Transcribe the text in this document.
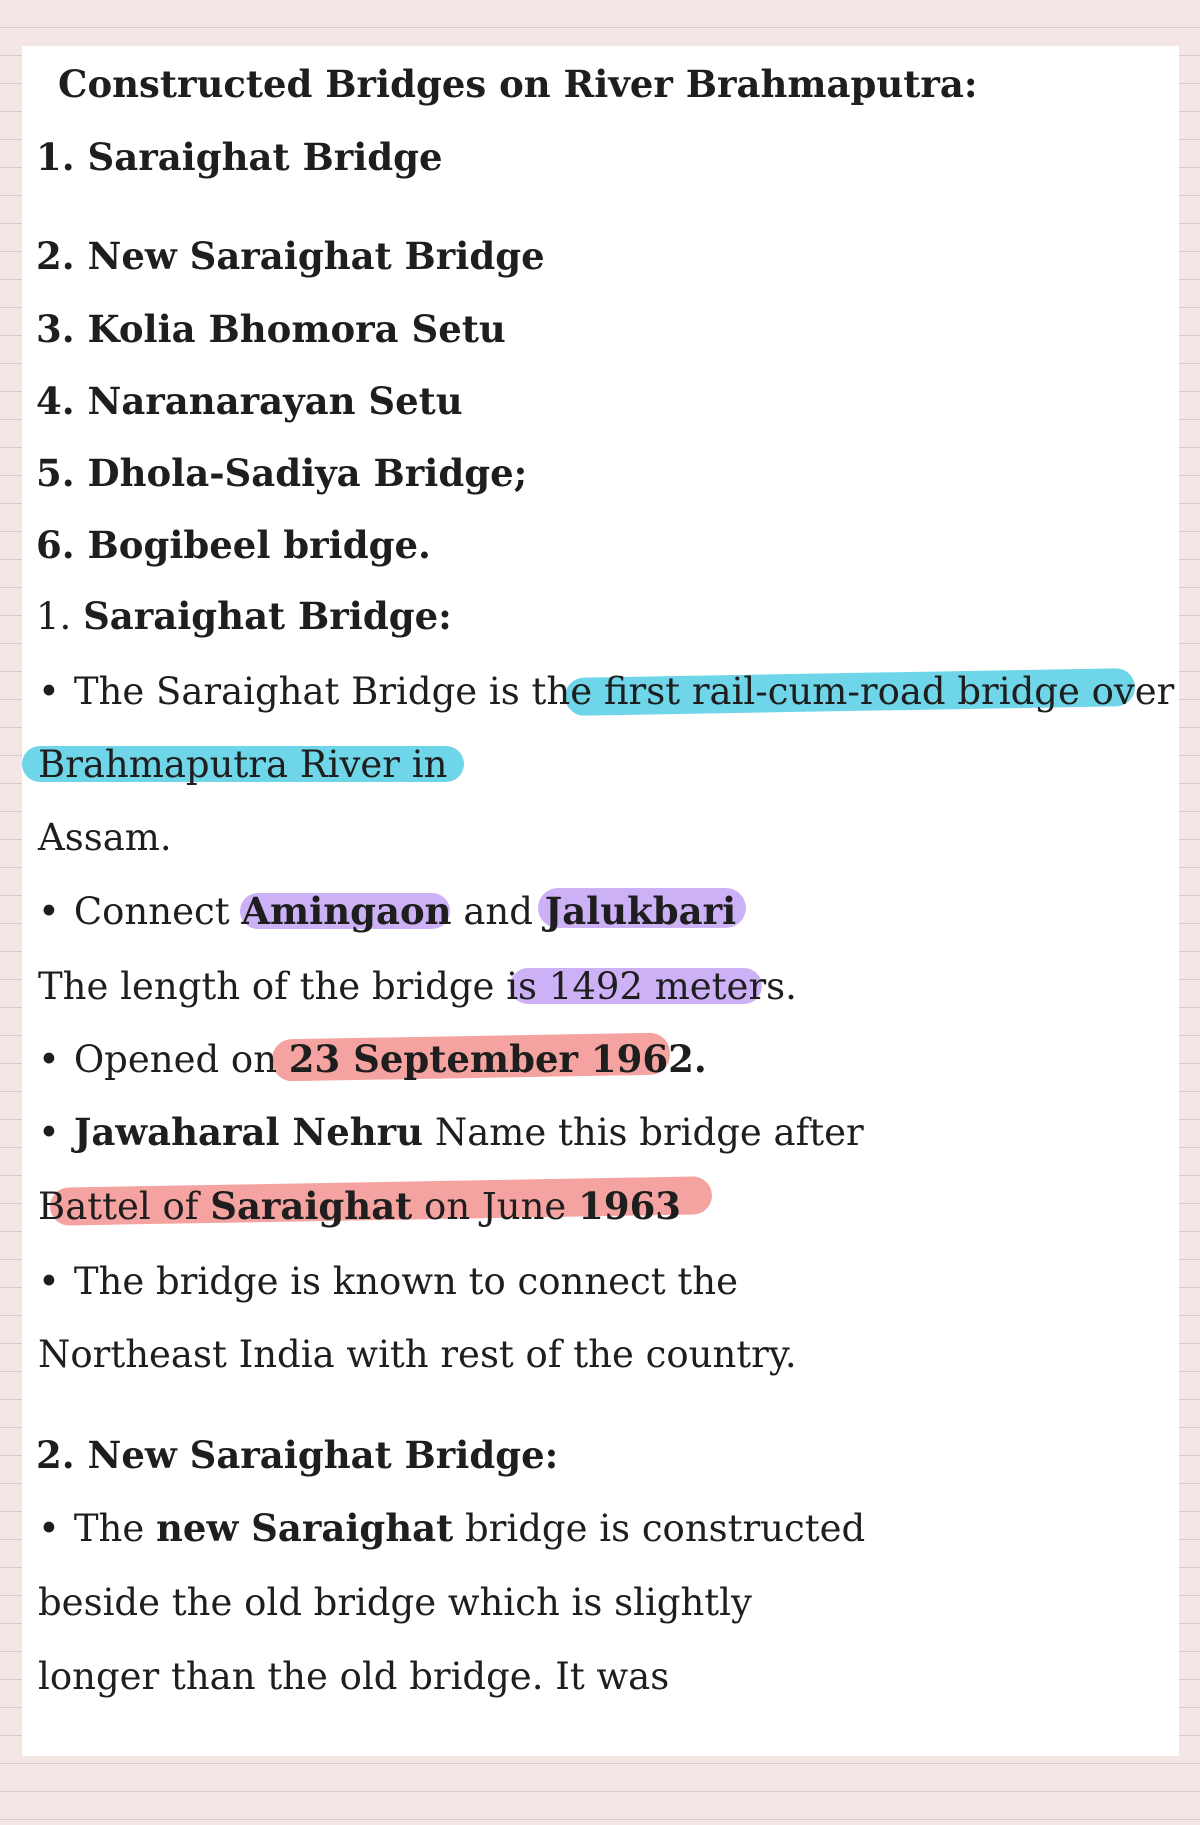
Constructed Bridges on River Brahmaputra:
1. Saraighat Bridge
2. New Saraighat Bridge
3. Kolia Bhomora Setu
4. Naranarayan Setu
5. Dhola-Sadiya Bridge;
6. Bogibeel bridge.
1. Saraighat Bridge:
• The Saraighat Bridge is the first rail-cum-road bridge over
Brahmaputra River in
Assam.
• Connect Amingaon and Jalukbari
The length of the bridge is 1492 meters.
• Opened on 23 September 1962.
• Jawaharal Nehru Name this bridge after
Battel of Saraighat on June 1963
• The bridge is known to connect the
Northeast India with rest of the country.
2. New Saraighat Bridge:
• The new Saraighat bridge is constructed
beside the old bridge which is slightly
longer than the old bridge. It was
